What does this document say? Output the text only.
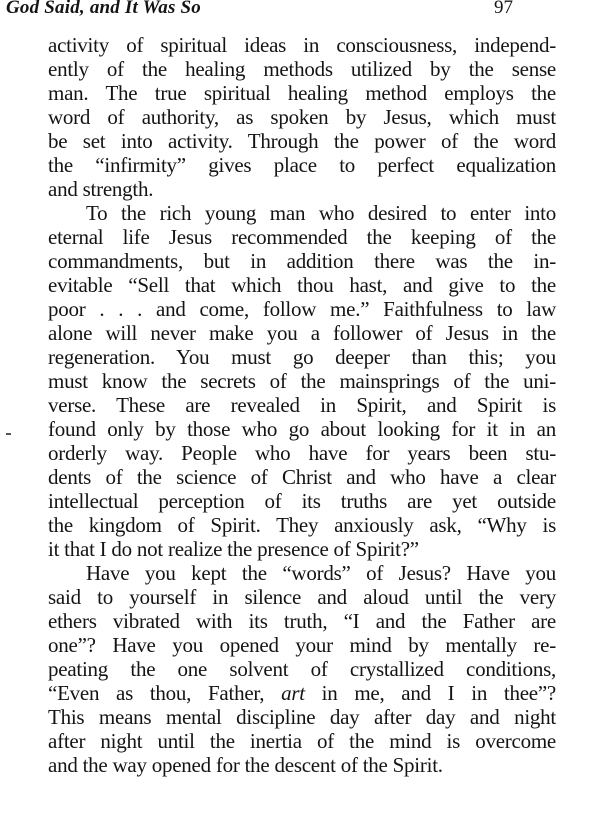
God Said, and It Was So	97
activity of spiritual ideas in consciousness, independ-
ently of the healing methods utilized by the sense
man. The true spiritual healing method employs the
word of authority, as spoken by Jesus, which must
be set into activity. Through the power of the word
the “infirmity” gives place to perfect equalization
and strength.
To the rich young man who desired to enter into
eternal life Jesus recommended the keeping of the
commandments, but in addition there was the in-
evitable “Sell that which thou hast, and give to the
poor . . . and come, follow me.” Faithfulness to law
alone will never make you a follower of Jesus in the
regeneration. You must go deeper than this; you
must know the secrets of the mainsprings of the uni-
verse. These are revealed in Spirit, and Spirit is
found only by those who go about looking for it in an
orderly way. People who have for years been stu-
dents of the science of Christ and who have a clear
intellectual perception of its truths are yet outside
the kingdom of Spirit. They anxiously ask, “Why is
it that I do not realize the presence of Spirit?”
Have you kept the “words” of Jesus? Have you
said to yourself in silence and aloud until the very
ethers vibrated with its truth, “I and the Father are
one”? Have you opened your mind by mentally re-
peating the one solvent of crystallized conditions,
“Even as thou, Father, art in me, and I in thee”?
This means mental discipline day after day and night
after night until the inertia of the mind is overcome
and the way opened for the descent of the Spirit.
